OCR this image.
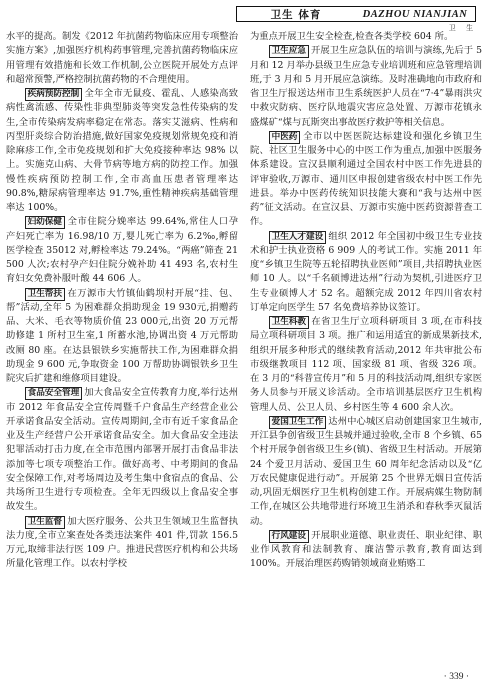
卫生 体育	DAZHOU NIANJIAN
卫 生

水平的提高。制发《2012 年抗菌药物临床应用专项整治实施方案》,加强医疗机构药事管理,完善抗菌药物临床应用管理有效措施和长效工作机制,公立医院开展处方点评和超常预警,严格控制抗菌药物的不合理使用。

疾病预防控制 全年全市无鼠疫、霍乱、人感染高致病性禽流感、传染性非典型肺炎等突发急性传染病的发生,全市传染病发病率稳定在常态。落实艾滋病、性病和丙型肝炎综合防治措施,做好国家免疫规划常规免疫和消除麻疹工作,全市免疫规划和扩大免疫接种率达 98% 以上。实施克山病、大骨节病等地方病的防控工作。加强慢性疾病预防控制工作,全市高血压患者管理率达 90.8%,糖尿病管理率达 91.7%,重性精神疾病基础管理率达 100%。

妇幼保健 全市住院分娩率达 99.64%,常住人口孕产妇死亡率为 16.98/10 万,婴儿死亡率为 6.2‰,孵留医学检查 35012 对,孵检率达 79.24%。“两癌”筛查 21 500 人次;农村孕产妇住院分娩补助 41 493 名,农村生育妇女免费补服叶酸 44 606 人。

卫生帮扶 在万源市大竹镇仙鹤坝村开展“挂、包、帮”活动,全年 5 为困难群众捐助现金 19 930元,捐赠药品、大米、毛衣等物质价值 23 000元,出资 20 万元帮助修建 1 所村卫生室,1 所蓄水池,协调出资 4 万元帮助改厕 80 座。在达县银铁乡实施帮扶工作,为困难群众捐助现金 9 600 元,争取资金 100 万帮助协调银铁乡卫生院灾后扩建和维修项目建设。

食品安全管理 加大食品安全宣传教育力度,举行达州市 2012 年食品安全宣传周暨千户食品生产经营企业公开承诺食品安全活动。宣传周期间,全市有近千家食品企业及生产经营户公开承诺食品安全。加大食品安全违法犯罪活动打击力度,在全市范围内部署开展打击食品非法添加等七项专项整治工作。做好高考、中考期间的食品安全保障工作,对考场周边及考生集中食宿点的食品、公共场所卫生进行专项检查。全年无四级以上食品安全事故发生。

卫生监督 加大医疗服务、公共卫生领域卫生监督执法力度,全市立案查处各类违法案件 401 件,罚款 156.5 万元,取缔非法行医 109 户。推进民营医疗机构和公共场所量化管理工作。以农村学校

为重点开展卫生安全检查,检查各类学校 604 所。

卫生应急 开展卫生应急队伍的培训与演练,先后于 5 月和 12 月举办县级卫生应急专业培训班和应急管理培训班,于 3 月和 5 月开展应急演练。及时准确地向市政府和省卫生厅报送达州市卫生系统医护人员在“7·4”暴雨洪灾中救灾防病、医疗队地震灾害应急处置、万源市花镇永盛煤矿“煤与瓦斯突出事故医疗救护等相关信息。

中医药 全市以中医医院达标建设和强化乡镇卫生院、社区卫生服务中心的中医工作为重点,加强中医服务体系建设。宣汉县顺利通过全国农村中医工作先进县的评审验收,万源市、通川区申报创建省级农村中医工作先进县。举办中医药传统知识技能大赛和“我与达州中医药”征文活动。在宣汉县、万源市实施中医药资源普查工作。

卫生人才建设 组织 2012 年全国初中级卫生专业技术和护士执业资格 6 909 人的考试工作。实施 2011 年度“乡镇卫生院等五轮招聘执业医师”项目,共招聘执业医师 10 人。以“千名硕博进达州”行动为契机,引进医疗卫生专业硕博人才 52 名。超额完成 2012 年四川省农村订单定向医学生 57 名免费培养协议签订。

卫生科教 在省卫生厅立项科研项目 3 项,在市科技局立项科研项目 3 项。推广和运用适宜的新成果新技术,组织开展多种形式的继续教育活动,2012 年共审批公布市级继教项目 112 项、国家级 81 项、省级 326 项。在 3 月的“科普宣传月”和 5 月的科技活动周,组织专家医务人员参与开展义诊活动。全市培训基层医疗卫生机构管理人员、公卫人员、乡村医生等 4 600 余人次。

爱国卫生工作 达州中心城区启动创建国家卫生城市,开江县争创省级卫生县城并通过验收,全市 8 个乡镇、65 个村开展争创省级卫生乡(镇)、省级卫生村活动。开展第 24 个爱卫月活动、爱国卫生 60 周年纪念活动以及“亿万农民健康促进行动”。开展第 25 个世界无烟日宣传活动,巩固无烟医疗卫生机构创建工作。开展病媒生物防制工作,在城区公共地带进行环境卫生消杀和春秋季灭鼠活动。

行风建设 开展职业道德、职业责任、职业纪律、职业作风教育和法制教育、廉洁警示教育,教育面达到 100%。开展治理医药购销领域商业贿赂工

· 339 ·
